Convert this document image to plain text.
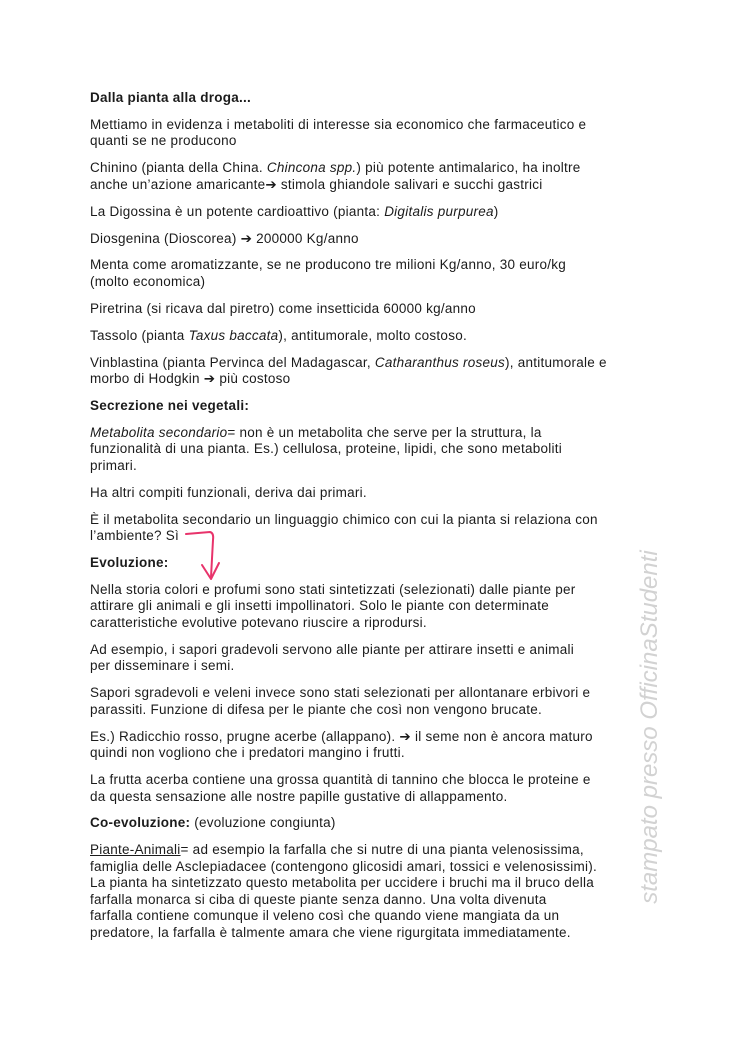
stampato presso OfficinaStudenti
Dalla pianta alla droga...
Mettiamo in evidenza i metaboliti di interesse sia economico che farmaceutico e
quanti se ne producono
Chinino (pianta della China. Chincona spp.) più potente antimalarico, ha inoltre
anche un’azione amaricante➔ stimola ghiandole salivari e succhi gastrici
La Digossina è un potente cardioattivo (pianta: Digitalis purpurea)
Diosgenina (Dioscorea) ➔ 200000 Kg/anno
Menta come aromatizzante, se ne producono tre milioni Kg/anno, 30 euro/kg
(molto economica)
Piretrina (si ricava dal piretro) come insetticida 60000 kg/anno
Tassolo (pianta Taxus baccata), antitumorale, molto costoso.
Vinblastina (pianta Pervinca del Madagascar, Catharanthus roseus), antitumorale e
morbo di Hodgkin ➔ più costoso
Secrezione nei vegetali:
Metabolita secondario= non è un metabolita che serve per la struttura, la
funzionalità di una pianta. Es.) cellulosa, proteine, lipidi, che sono metaboliti
primari.
Ha altri compiti funzionali, deriva dai primari.
È il metabolita secondario un linguaggio chimico con cui la pianta si relaziona con
l’ambiente? Sì
Evoluzione:
Nella storia colori e profumi sono stati sintetizzati (selezionati) dalle piante per
attirare gli animali e gli insetti impollinatori. Solo le piante con determinate
caratteristiche evolutive potevano riuscire a riprodursi.
Ad esempio, i sapori gradevoli servono alle piante per attirare insetti e animali
per disseminare i semi.
Sapori sgradevoli e veleni invece sono stati selezionati per allontanare erbivori e
parassiti. Funzione di difesa per le piante che così non vengono brucate.
Es.) Radicchio rosso, prugne acerbe (allappano). ➔ il seme non è ancora maturo
quindi non vogliono che i predatori mangino i frutti.
La frutta acerba contiene una grossa quantità di tannino che blocca le proteine e
da questa sensazione alle nostre papille gustative di allappamento.
Co-evoluzione: (evoluzione congiunta)
Piante-Animali= ad esempio la farfalla che si nutre di una pianta velenosissima,
famiglia delle Asclepiadacee (contengono glicosidi amari, tossici e velenosissimi).
La pianta ha sintetizzato questo metabolita per uccidere i bruchi ma il bruco della
farfalla monarca si ciba di queste piante senza danno. Una volta divenuta
farfalla contiene comunque il veleno così che quando viene mangiata da un
predatore, la farfalla è talmente amara che viene rigurgitata immediatamente.
